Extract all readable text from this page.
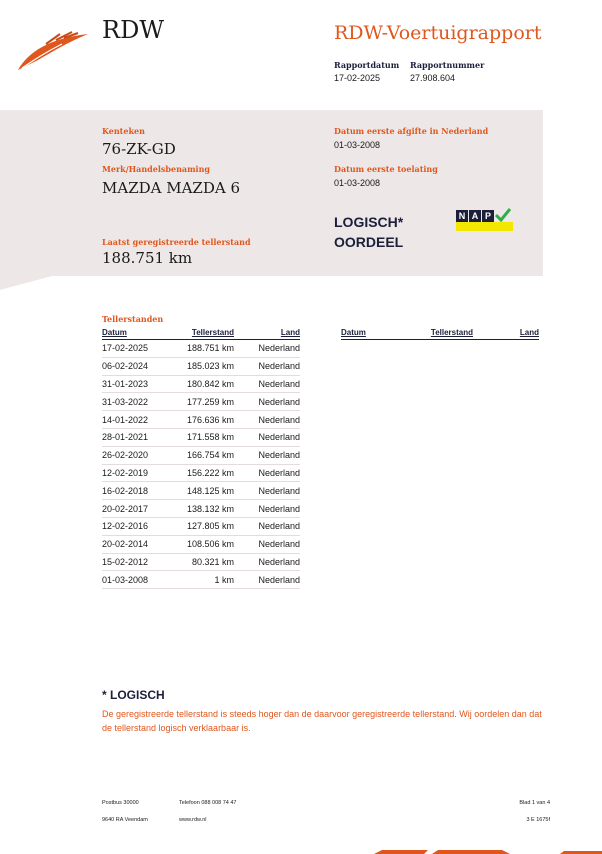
RDW	RDW-Voertuigrapport
Rapportdatum
17-02-2025
Rapportnummer
27.908.604
Kenteken
76-ZK-GD
Merk/Handelsbenaming
MAZDA MAZDA 6
Laatst geregistreerde tellerstand
188.751 km
Datum eerste afgifte in Nederland
01-03-2008
Datum eerste toelating
01-03-2008
LOGISCH*
OORDEEL
N A P
Tellerstanden
Datum	Tellerstand	Land
17-02-2025	188.751 km	Nederland
06-02-2024	185.023 km	Nederland
31-01-2023	180.842 km	Nederland
31-03-2022	177.259 km	Nederland
14-01-2022	176.636 km	Nederland
28-01-2021	171.558 km	Nederland
26-02-2020	166.754 km	Nederland
12-02-2019	156.222 km	Nederland
16-02-2018	148.125 km	Nederland
20-02-2017	138.132 km	Nederland
12-02-2016	127.805 km	Nederland
20-02-2014	108.506 km	Nederland
15-02-2012	80.321 km	Nederland
01-03-2008	1 km	Nederland
Datum	Tellerstand	Land
* LOGISCH
De geregistreerde tellerstand is steeds hoger dan de daarvoor geregistreerde tellerstand. Wij oordelen dan dat de tellerstand logisch verklaarbaar is.
Postbus 30000
9640 RA Veendam
Telefoon 088 008 74 47
www.rdw.nl
Blad 1 van 4
3 E 1675f
